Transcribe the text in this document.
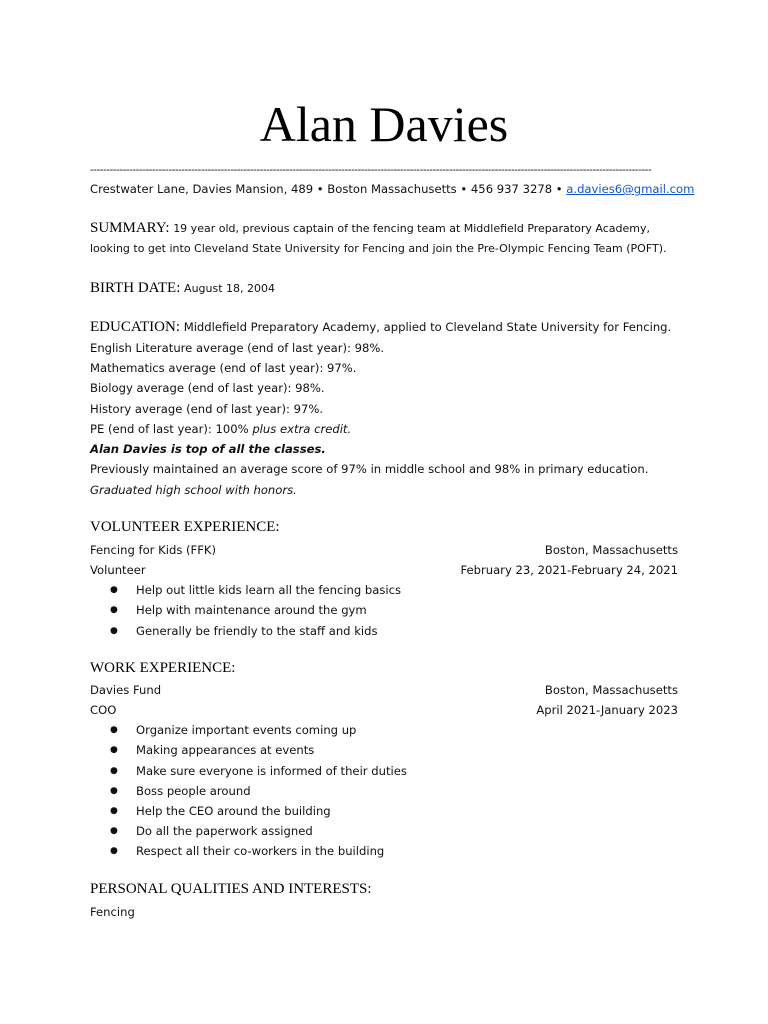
Alan Davies
----------------------------------------------------------------------------------------------------------------------------------------------------------------------------
Crestwater Lane, Davies Mansion, 489 • Boston Massachusetts • 456 937 3278 • a.davies6@gmail.com
SUMMARY: 19 year old, previous captain of the fencing team at Middlefield Preparatory Academy,
looking to get into Cleveland State University for Fencing and join the Pre-Olympic Fencing Team (POFT).
BIRTH DATE: August 18, 2004
EDUCATION: Middlefield Preparatory Academy, applied to Cleveland State University for Fencing.
English Literature average (end of last year): 98%.
Mathematics average (end of last year): 97%.
Biology average (end of last year): 98%.
History average (end of last year): 97%.
PE (end of last year): 100% plus extra credit.
Alan Davies is top of all the classes.
Previously maintained an average score of 97% in middle school and 98% in primary education.
Graduated high school with honors.
VOLUNTEER EXPERIENCE:
Fencing for Kids (FFK)	Boston, Massachusetts
Volunteer	February 23, 2021-February 24, 2021
● Help out little kids learn all the fencing basics
● Help with maintenance around the gym
● Generally be friendly to the staff and kids
WORK EXPERIENCE:
Davies Fund	Boston, Massachusetts
COO	April 2021-January 2023
● Organize important events coming up
● Making appearances at events
● Make sure everyone is informed of their duties
● Boss people around
● Help the CEO around the building
● Do all the paperwork assigned
● Respect all their co-workers in the building
PERSONAL QUALITIES AND INTERESTS:
Fencing
